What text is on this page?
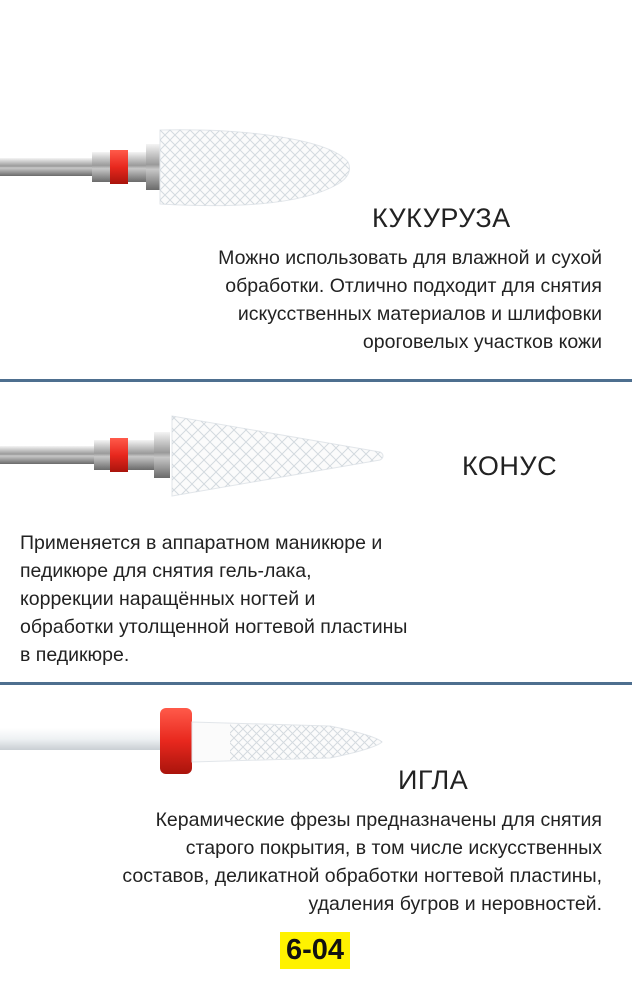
КУКУРУЗА
Можно использовать для влажной и сухой
обработки. Отлично подходит для снятия
искусственных материалов и шлифовки
ороговелых участков кожи
КОНУС
Применяется в аппаратном маникюре и
педикюре для снятия гель-лака,
коррекции наращённых ногтей и
обработки утолщенной ногтевой пластины
в педикюре.
ИГЛА
Керамические фрезы предназначены для снятия
старого покрытия, в том числе искусственных
составов, деликатной обработки ногтевой пластины,
удаления бугров и неровностей.
6-04
